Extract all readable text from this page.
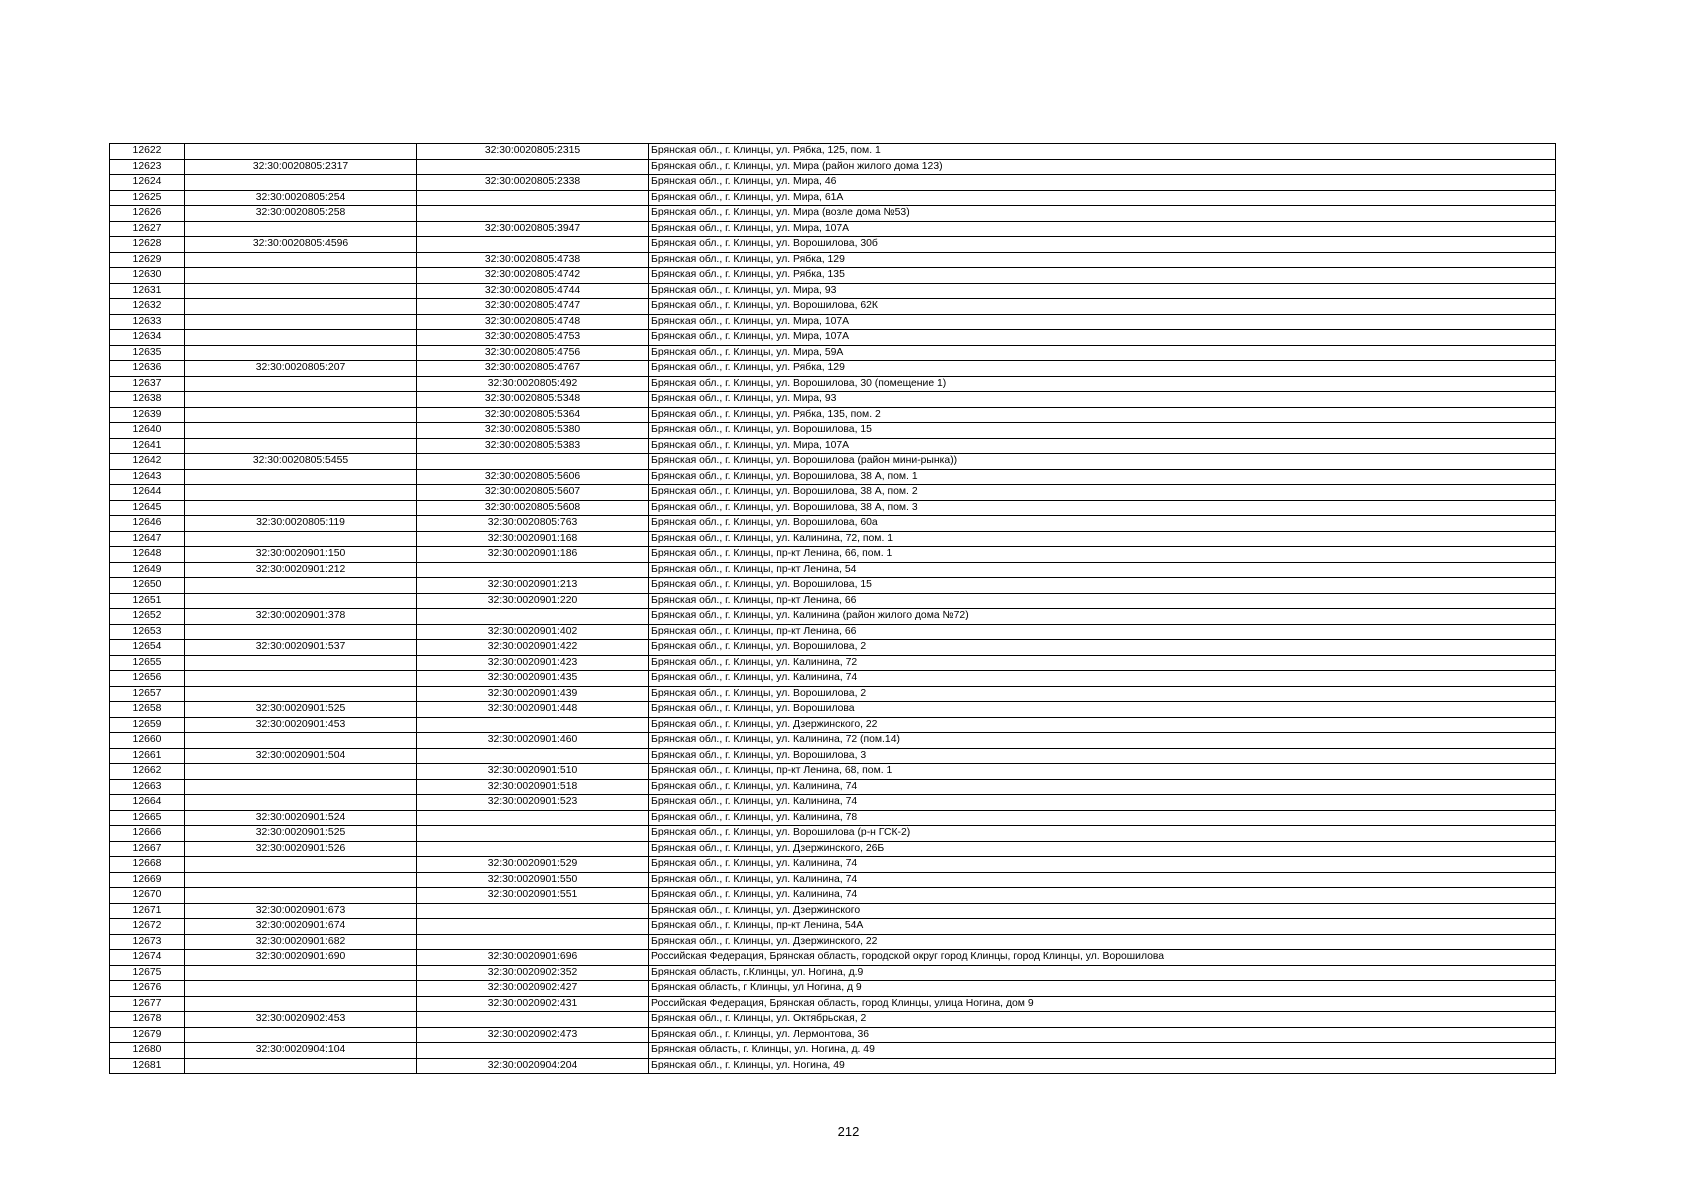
12622		32:30:0020805:2315	Брянская обл., г. Клинцы, ул. Рябка, 125, пом. 1
12623	32:30:0020805:2317		Брянская обл., г. Клинцы, ул. Мира (район жилого дома 123)
12624		32:30:0020805:2338	Брянская обл., г. Клинцы, ул. Мира, 46
12625	32:30:0020805:254		Брянская обл., г. Клинцы, ул. Мира, 61А
12626	32:30:0020805:258		Брянская обл., г. Клинцы, ул. Мира (возле дома №53)
12627		32:30:0020805:3947	Брянская обл., г. Клинцы, ул. Мира, 107А
12628	32:30:0020805:4596		Брянская обл., г. Клинцы, ул. Ворошилова, 30б
12629		32:30:0020805:4738	Брянская обл., г. Клинцы, ул. Рябка, 129
12630		32:30:0020805:4742	Брянская обл., г. Клинцы, ул. Рябка, 135
12631		32:30:0020805:4744	Брянская обл., г. Клинцы, ул. Мира, 93
12632		32:30:0020805:4747	Брянская обл., г. Клинцы, ул. Ворошилова, 62К
12633		32:30:0020805:4748	Брянская обл., г. Клинцы, ул. Мира, 107А
12634		32:30:0020805:4753	Брянская обл., г. Клинцы, ул. Мира, 107А
12635		32:30:0020805:4756	Брянская обл., г. Клинцы, ул. Мира, 59А
12636	32:30:0020805:207	32:30:0020805:4767	Брянская обл., г. Клинцы, ул. Рябка, 129
12637		32:30:0020805:492	Брянская обл., г. Клинцы, ул. Ворошилова, 30 (помещение 1)
12638		32:30:0020805:5348	Брянская обл., г. Клинцы, ул. Мира, 93
12639		32:30:0020805:5364	Брянская обл., г. Клинцы, ул. Рябка, 135, пом. 2
12640		32:30:0020805:5380	Брянская обл., г. Клинцы, ул. Ворошилова, 15
12641		32:30:0020805:5383	Брянская обл., г. Клинцы, ул. Мира, 107А
12642	32:30:0020805:5455		Брянская обл., г. Клинцы, ул. Ворошилова (район мини-рынка))
12643		32:30:0020805:5606	Брянская обл., г. Клинцы, ул. Ворошилова, 38 А, пом. 1
12644		32:30:0020805:5607	Брянская обл., г. Клинцы, ул. Ворошилова, 38 А, пом. 2
12645		32:30:0020805:5608	Брянская обл., г. Клинцы, ул. Ворошилова, 38 А, пом. 3
12646	32:30:0020805:119	32:30:0020805:763	Брянская обл., г. Клинцы, ул. Ворошилова, 60а
12647		32:30:0020901:168	Брянская обл., г. Клинцы, ул. Калинина, 72, пом. 1
12648	32:30:0020901:150	32:30:0020901:186	Брянская обл., г. Клинцы, пр-кт Ленина, 66, пом. 1
12649	32:30:0020901:212		Брянская обл., г. Клинцы, пр-кт Ленина, 54
12650		32:30:0020901:213	Брянская обл., г. Клинцы, ул. Ворошилова, 15
12651		32:30:0020901:220	Брянская обл., г. Клинцы, пр-кт Ленина, 66
12652	32:30:0020901:378		Брянская обл., г. Клинцы, ул. Калинина (район жилого дома №72)
12653		32:30:0020901:402	Брянская обл., г. Клинцы, пр-кт Ленина, 66
12654	32:30:0020901:537	32:30:0020901:422	Брянская обл., г. Клинцы, ул. Ворошилова, 2
12655		32:30:0020901:423	Брянская обл., г. Клинцы, ул. Калинина, 72
12656		32:30:0020901:435	Брянская обл., г. Клинцы, ул. Калинина, 74
12657		32:30:0020901:439	Брянская обл., г. Клинцы, ул. Ворошилова, 2
12658	32:30:0020901:525	32:30:0020901:448	Брянская обл., г. Клинцы, ул. Ворошилова
12659	32:30:0020901:453		Брянская обл., г. Клинцы, ул. Дзержинского, 22
12660		32:30:0020901:460	Брянская обл., г. Клинцы, ул. Калинина, 72 (пом.14)
12661	32:30:0020901:504		Брянская обл., г. Клинцы, ул. Ворошилова, 3
12662		32:30:0020901:510	Брянская обл., г. Клинцы, пр-кт Ленина, 68, пом. 1
12663		32:30:0020901:518	Брянская обл., г. Клинцы, ул. Калинина, 74
12664		32:30:0020901:523	Брянская обл., г. Клинцы, ул. Калинина, 74
12665	32:30:0020901:524		Брянская обл., г. Клинцы, ул. Калинина, 78
12666	32:30:0020901:525		Брянская обл., г. Клинцы, ул. Ворошилова (р-н ГСК-2)
12667	32:30:0020901:526		Брянская обл., г. Клинцы, ул. Дзержинского, 26Б
12668		32:30:0020901:529	Брянская обл., г. Клинцы, ул. Калинина, 74
12669		32:30:0020901:550	Брянская обл., г. Клинцы, ул. Калинина, 74
12670		32:30:0020901:551	Брянская обл., г. Клинцы, ул. Калинина, 74
12671	32:30:0020901:673		Брянская обл., г. Клинцы, ул. Дзержинского
12672	32:30:0020901:674		Брянская обл., г. Клинцы, пр-кт Ленина, 54А
12673	32:30:0020901:682		Брянская обл., г. Клинцы, ул. Дзержинского, 22
12674	32:30:0020901:690	32:30:0020901:696	Российская Федерация, Брянская область, городской округ город Клинцы, город Клинцы, ул. Ворошилова
12675		32:30:0020902:352	Брянская область, г.Клинцы, ул. Ногина, д.9
12676		32:30:0020902:427	Брянская область, г Клинцы, ул Ногина, д 9
12677		32:30:0020902:431	Российская Федерация, Брянская область, город Клинцы, улица Ногина, дом 9
12678	32:30:0020902:453		Брянская обл., г. Клинцы, ул. Октябрьская, 2
12679		32:30:0020902:473	Брянская обл., г. Клинцы, ул. Лермонтова, 36
12680	32:30:0020904:104		Брянская область, г. Клинцы, ул. Ногина, д. 49
12681		32:30:0020904:204	Брянская обл., г. Клинцы, ул. Ногина, 49
212
